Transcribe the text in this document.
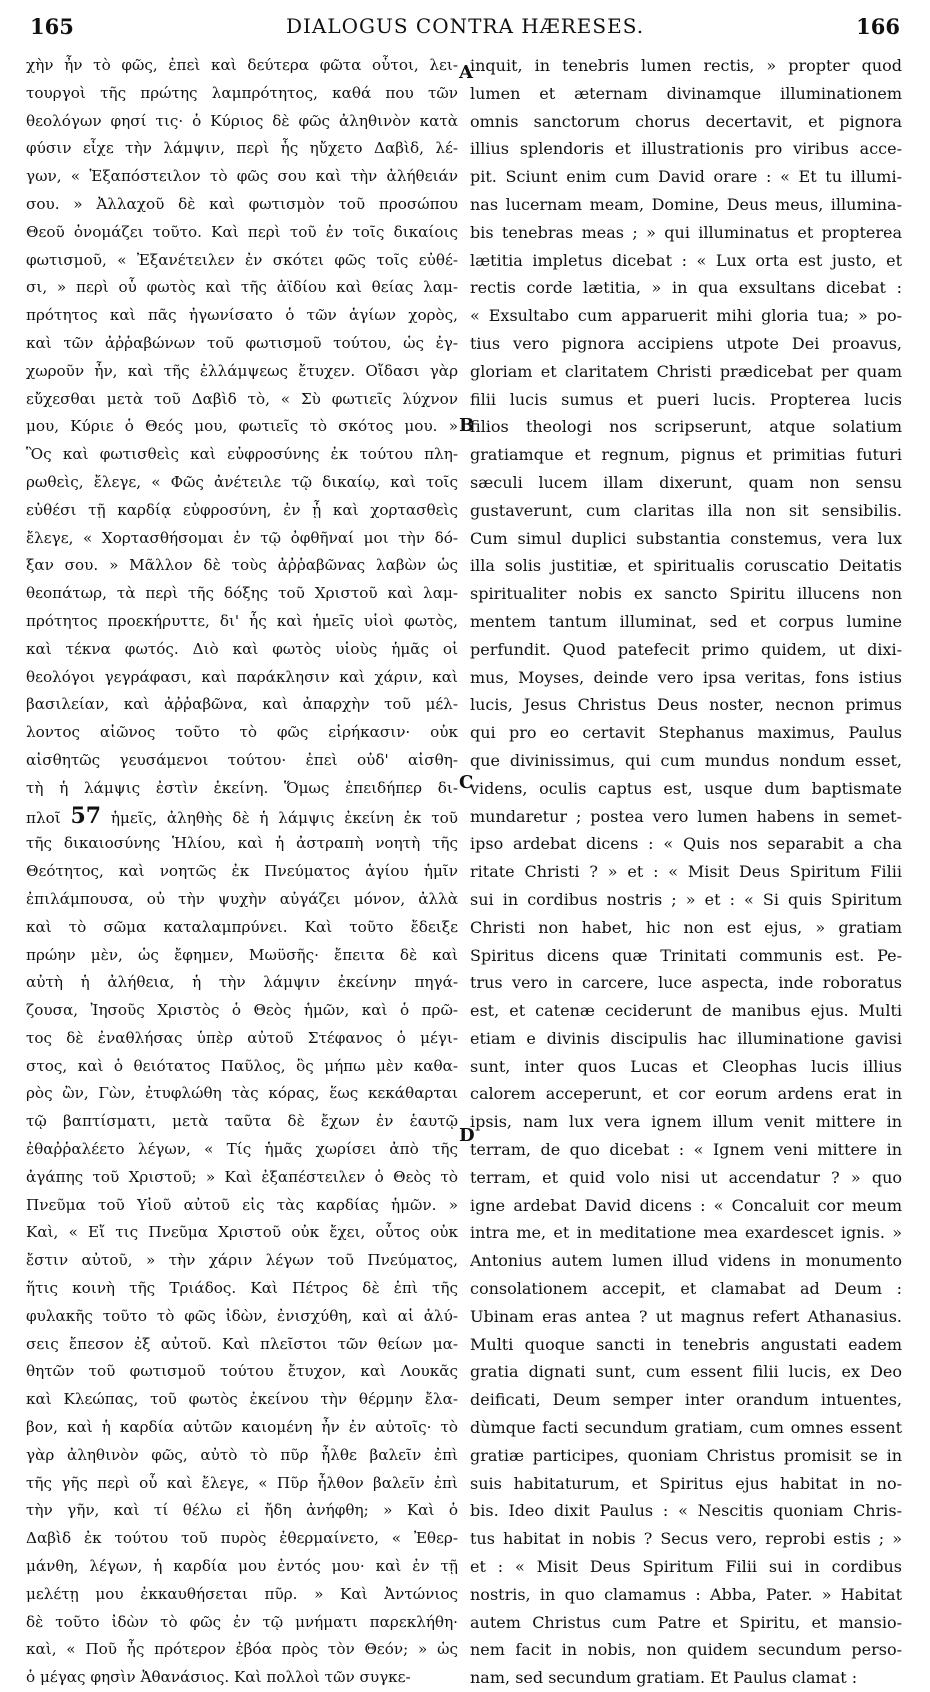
165	DIALOGUS CONTRA HÆRESES.	166
χὴν ἦν τὸ φῶς, ἐπεὶ καὶ δεύτερα φῶτα οὗτοι, λει-
τουργοὶ τῆς πρώτης λαμπρότητος, καθά που τῶν
θεολόγων φησί τις· ὁ Κύριος δὲ φῶς ἀληθινὸν κατὰ
φύσιν εἶχε τὴν λάμψιν, περὶ ἧς ηὔχετο Δαβὶδ, λέ-
γων, « Ἐξαπόστειλον τὸ φῶς σου καὶ τὴν ἀλήθειάν
σου. » Ἀλλαχοῦ δὲ καὶ φωτισμὸν τοῦ προσώπου
Θεοῦ ὀνομάζει τοῦτο. Καὶ περὶ τοῦ ἐν τοῖς δικαίοις
φωτισμοῦ, « Ἐξανέτειλεν ἐν σκότει φῶς τοῖς εὐθέ-
σι, » περὶ οὗ φωτὸς καὶ τῆς ἀϊδίου καὶ θείας λαμ-
πρότητος καὶ πᾶς ἠγωνίσατο ὁ τῶν ἁγίων χορὸς,
καὶ τῶν ἀῤῥαβώνων τοῦ φωτισμοῦ τούτου, ὡς ἐγ-
χωροῦν ἦν, καὶ τῆς ἐλλάμψεως ἔτυχεν. Οἴδασι γὰρ
εὔχεσθαι μετὰ τοῦ Δαβὶδ τὸ, « Σὺ φωτιεῖς λύχνον
μου, Κύριε ὁ Θεός μου, φωτιεῖς τὸ σκότος μου. »
Ὃς καὶ φωτισθεὶς καὶ εὐφροσύνης ἐκ τούτου πλη-
ρωθεὶς, ἔλεγε, « Φῶς ἀνέτειλε τῷ δικαίῳ, καὶ τοῖς
εὐθέσι τῇ καρδίᾳ εὐφροσύνη, ἐν ᾗ καὶ χορτασθεὶς
ἔλεγε, « Χορτασθήσομαι ἐν τῷ ὀφθῆναί μοι τὴν δό-
ξαν σου. » Μᾶλλον δὲ τοὺς ἀῤῥαβῶνας λαβὼν ὡς
θεοπάτωρ, τὰ περὶ τῆς δόξης τοῦ Χριστοῦ καὶ λαμ-
πρότητος προεκήρυττε, δι' ἧς καὶ ἡμεῖς υἱοὶ φωτὸς,
καὶ τέκνα φωτός. Διὸ καὶ φωτὸς υἱοὺς ἡμᾶς οἱ
θεολόγοι γεγράφασι, καὶ παράκλησιν καὶ χάριν, καὶ
βασιλείαν, καὶ ἀῤῥαβῶνα, καὶ ἀπαρχὴν τοῦ μέλ-
λοντος αἰῶνος τοῦτο τὸ φῶς εἰρήκασιν· οὐκ
αἰσθητῶς γευσάμενοι τούτου· ἐπεὶ οὐδ' αἰσθη-
τὴ ἡ λάμψις ἐστὶν ἐκείνη. Ὅμως ἐπειδήπερ δι-
πλοῖ 57 ἡμεῖς, ἀληθὴς δὲ ἡ λάμψις ἐκείνη ἐκ τοῦ
τῆς δικαιοσύνης Ἡλίου, καὶ ἡ ἀστραπὴ νοητὴ τῆς
Θεότητος, καὶ νοητῶς ἐκ Πνεύματος ἁγίου ἡμῖν
ἐπιλάμπουσα, οὐ τὴν ψυχὴν αὐγάζει μόνον, ἀλλὰ
καὶ τὸ σῶμα καταλαμπρύνει. Καὶ τοῦτο ἔδειξε
πρώην μὲν, ὡς ἔφημεν, Μωϋσῆς· ἔπειτα δὲ καὶ
αὐτὴ ἡ ἀλήθεια, ἡ τὴν λάμψιν ἐκείνην πηγά-
ζουσα, Ἰησοῦς Χριστὸς ὁ Θεὸς ἡμῶν, καὶ ὁ πρῶ-
τος δὲ ἐναθλήσας ὑπὲρ αὐτοῦ Στέφανος ὁ μέγι-
στος, καὶ ὁ θειότατος Παῦλος, ὃς μήπω μὲν καθα-
ρὸς ὢν, Γὼν, ἐτυφλώθη τὰς κόρας, ἕως κεκάθαρται
τῷ βαπτίσματι, μετὰ ταῦτα δὲ ἔχων ἐν ἑαυτῷ
ἐθαῤῥαλέετο λέγων, « Τίς ἡμᾶς χωρίσει ἀπὸ τῆς
ἀγάπης τοῦ Χριστοῦ; » Καὶ ἐξαπέστειλεν ὁ Θεὸς τὸ
Πνεῦμα τοῦ Υἱοῦ αὐτοῦ εἰς τὰς καρδίας ἡμῶν. »
Καὶ, « Εἴ τις Πνεῦμα Χριστοῦ οὐκ ἔχει, οὗτος οὐκ
ἔστιν αὐτοῦ, » τὴν χάριν λέγων τοῦ Πνεύματος,
ἥτις κοινὴ τῆς Τριάδος. Καὶ Πέτρος δὲ ἐπὶ τῆς
φυλακῆς τοῦτο τὸ φῶς ἰδὼν, ἐνισχύθη, καὶ αἱ ἁλύ-
σεις ἔπεσον ἐξ αὐτοῦ. Καὶ πλεῖστοι τῶν θείων μα-
θητῶν τοῦ φωτισμοῦ τούτου ἔτυχον, καὶ Λουκᾶς
καὶ Κλεώπας, τοῦ φωτὸς ἐκείνου τὴν θέρμην ἔλα-
βον, καὶ ἡ καρδία αὐτῶν καιομένη ἦν ἐν αὐτοῖς· τὸ
γὰρ ἀληθινὸν φῶς, αὐτὸ τὸ πῦρ ἦλθε βαλεῖν ἐπὶ
τῆς γῆς περὶ οὗ καὶ ἔλεγε, « Πῦρ ἦλθον βαλεῖν ἐπὶ
τὴν γῆν, καὶ τί θέλω εἰ ἤδη ἀνήφθη; » Καὶ ὁ
Δαβὶδ ἐκ τούτου τοῦ πυρὸς ἐθερμαίνετο, « Ἐθερ-
μάνθη, λέγων, ἡ καρδία μου ἐντός μου· καὶ ἐν τῇ
μελέτῃ μου ἐκκαυθήσεται πῦρ. » Καὶ Ἀντώνιος
δὲ τοῦτο ἰδὼν τὸ φῶς ἐν τῷ μνήματι παρεκλήθη·
καὶ, « Ποῦ ἦς πρότερον ἐβόα πρὸς τὸν Θεόν; » ὡς
ὁ μέγας φησὶν Ἀθανάσιος. Καὶ πολλοὶ τῶν συγκε-
inquit, in tenebris lumen rectis, » propter quod
lumen et æternam divinamque illuminationem
omnis sanctorum chorus decertavit, et pignora
illius splendoris et illustrationis pro viribus acce-
pit. Sciunt enim cum David orare : « Et tu illumi-
nas lucernam meam, Domine, Deus meus, illumina-
bis tenebras meas ; » qui illuminatus et propterea
lætitia impletus dicebat : « Lux orta est justo, et
rectis corde lætitia, » in qua exsultans dicebat :
« Exsultabo cum apparuerit mihi gloria tua; » po-
tius vero pignora accipiens utpote Dei proavus,
gloriam et claritatem Christi prædicebat per quam
filii lucis sumus et pueri lucis. Propterea lucis
filios theologi nos scripserunt, atque solatium
gratiamque et regnum, pignus et primitias futuri
sæculi lucem illam dixerunt, quam non sensu
gustaverunt, cum claritas illa non sit sensibilis.
Cum simul duplici substantia constemus, vera lux
illa solis justitiæ, et spiritualis coruscatio Deitatis
spiritualiter nobis ex sancto Spiritu illucens non
mentem tantum illuminat, sed et corpus lumine
perfundit. Quod patefecit primo quidem, ut dixi-
mus, Moyses, deinde vero ipsa veritas, fons istius
lucis, Jesus Christus Deus noster, necnon primus
qui pro eo certavit Stephanus maximus, Paulus
que divinissimus, qui cum mundus nondum esset,
videns, oculis captus est, usque dum baptismate
mundaretur ; postea vero lumen habens in semet-
ipso ardebat dicens : « Quis nos separabit a cha
ritate Christi ? » et : « Misit Deus Spiritum Filii
sui in cordibus nostris ; » et : « Si quis Spiritum
Christi non habet, hic non est ejus, » gratiam
Spiritus dicens quæ Trinitati communis est. Pe-
trus vero in carcere, luce aspecta, inde roboratus
est, et catenæ ceciderunt de manibus ejus. Multi
etiam e divinis discipulis hac illuminatione gavisi
sunt, inter quos Lucas et Cleophas lucis illius
calorem acceperunt, et cor eorum ardens erat in
ipsis, nam lux vera ignem illum venit mittere in
terram, de quo dicebat : « Ignem veni mittere in
terram, et quid volo nisi ut accendatur ? » quo
igne ardebat David dicens : « Concaluit cor meum
intra me, et in meditatione mea exardescet ignis. »
Antonius autem lumen illud videns in monumento
consolationem accepit, et clamabat ad Deum :
Ubinam eras antea ? ut magnus refert Athanasius.
Multi quoque sancti in tenebris angustati eadem
gratia dignati sunt, cum essent filii lucis, ex Deo
deificati, Deum semper inter orandum intuentes,
dùmque facti secundum gratiam, cum omnes essent
gratiæ participes, quoniam Christus promisit se in
suis habitaturum, et Spiritus ejus habitat in no-
bis. Ideo dixit Paulus : « Nescitis quoniam Chris-
tus habitat in nobis ? Secus vero, reprobi estis ; »
et : « Misit Deus Spiritum Filii sui in cordibus
nostris, in quo clamamus : Abba, Pater. » Habitat
autem Christus cum Patre et Spiritu, et mansio-
nem facit in nobis, non quidem secundum perso-
nam, sed secundum gratiam. Et Paulus clamat :
A
B
C
D
